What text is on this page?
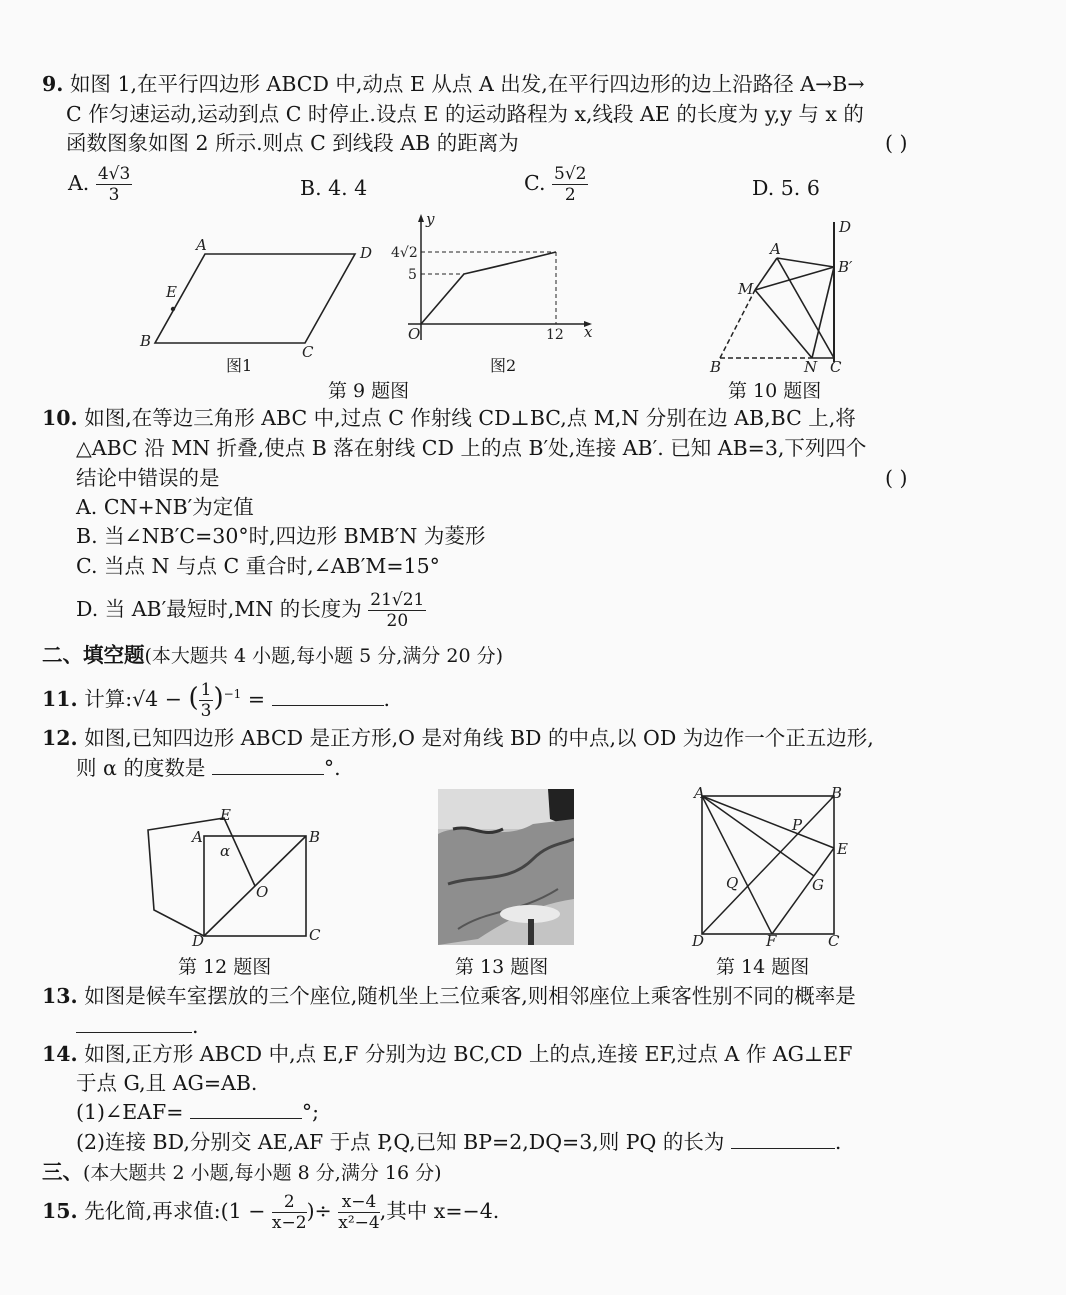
9. 如图 1,在平行四边形 ABCD 中,动点 E 从点 A 出发,在平行四边形的边上沿路径 A→B→
C 作匀速运动,运动到点 C 时停止.设点 E 的运动路程为 x,线段 AE 的长度为 y,y 与 x 的
函数图象如图 2 所示.则点 C 到线段 AB 的距离为	( )
A. $\frac{4√3}{3}$	B. 4. 4	C. $\frac{5√2}{2}$	D. 5. 6
A	D
B
C
E
图1
y
x
O
4√2
5
12
图2
第 9 题图
A
D
B′
M
B	N C
第 10 题图
10. 如图,在等边三角形 ABC 中,过点 C 作射线 CD⊥BC,点 M,N 分别在边 AB,BC 上,将
△ABC 沿 MN 折叠,使点 B 落在射线 CD 上的点 B′处,连接 AB′. 已知 AB=3,下列四个
结论中错误的是	( )
A. CN+NB′为定值
B. 当∠NB′C=30°时,四边形 BMB′N 为菱形
C. 当点 N 与点 C 重合时,∠AB′M=15°
D. 当 AB′最短时,MN 的长度为 $\frac{21√21}{20}$
二、填空题(本大题共 4 小题,每小题 5 分,满分 20 分)
11. 计算:√4 − ( $\frac{1}{3} )^{-1}$ =	.
12. 如图,已知四边形 ABCD 是正方形,O 是对角线 BD 的中点,以 OD 为边作一个正五边形,
则 α 的度数是	°.
A	B
C
D
E
O
α
第 12 题图	第 13 题图
A	B
C
D
E
F
G
P
Q
第 14 题图
13. 如图是候车室摆放的三个座位,随机坐上三位乘客,则相邻座位上乘客性别不同的概率是
.
14. 如图,正方形 ABCD 中,点 E,F 分别为边 BC,CD 上的点,连接 EF,过点 A 作 AG⊥EF
于点 G,且 AG=AB.
(1)∠EAF=	°;
(2)连接 BD,分别交 AE,AF 于点 P,Q,已知 BP=2,DQ=3,则 PQ 的长为	.
三、(本大题共 2 小题,每小题 8 分,满分 16 分)
15. 先化简,再求值:(1 − $\frac{2}{x-2}$ )÷ $\frac{x-4}{\text{x²−4}}$ ,其中 x=−4.
